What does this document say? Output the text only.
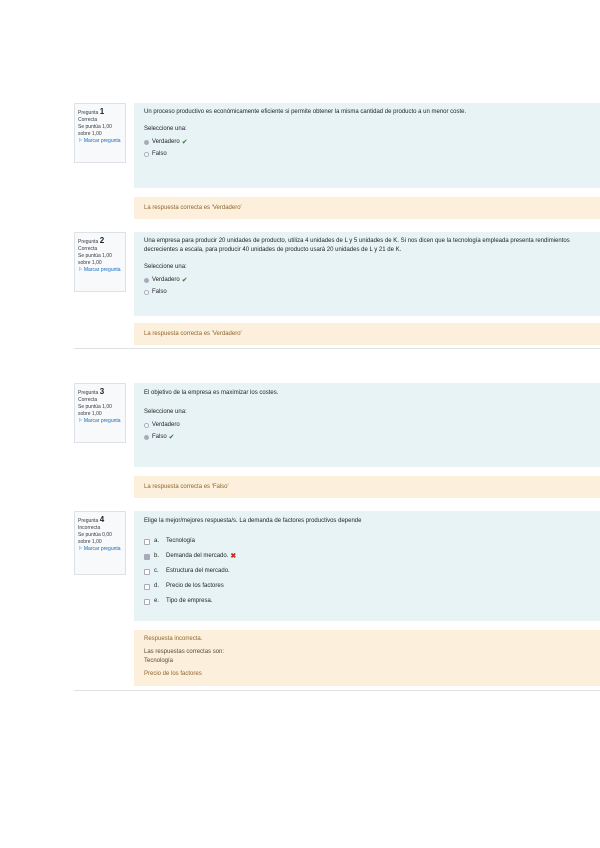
Pregunta 1
Correcta
Se puntúa 1,00 sobre 1,00
⚐ Marcar pregunta
Un proceso productivo es económicamente eficiente si permite obtener la misma cantidad de producto a un menor coste.
Seleccione una:
Verdadero ✔
Falso
La respuesta correcta es 'Verdadero'
Pregunta 2
Correcta
Se puntúa 1,00 sobre 1,00
⚐ Marcar pregunta
Una empresa para producir 20 unidades de producto, utiliza 4 unidades de L y 5 unidades de K. Si nos dicen que la tecnología empleada presenta rendimientos decrecientes a escala, para producir 40 unidades de producto usará 20 unidades de L y 21 de K.
Seleccione una:
Verdadero ✔
Falso
La respuesta correcta es 'Verdadero'
Pregunta 3
Correcta
Se puntúa 1,00 sobre 1,00
⚐ Marcar pregunta
El objetivo de la empresa es maximizar los costes.
Seleccione una:
Verdadero
Falso ✔
La respuesta correcta es 'Falso'
Pregunta 4
Incorrecta
Se puntúa 0,00 sobre 1,00
⚐ Marcar pregunta
Elige la mejor/mejores respuesta/s. La demanda de factores productivos depende
a.	Tecnología
b.	Demanda del mercado. ✖
c.	Estructura del mercado.
d.	Precio de los factores
e.	Tipo de empresa.
Respuesta incorrecta.
Las respuestas correctas son:
Tecnología
Precio de los factores
